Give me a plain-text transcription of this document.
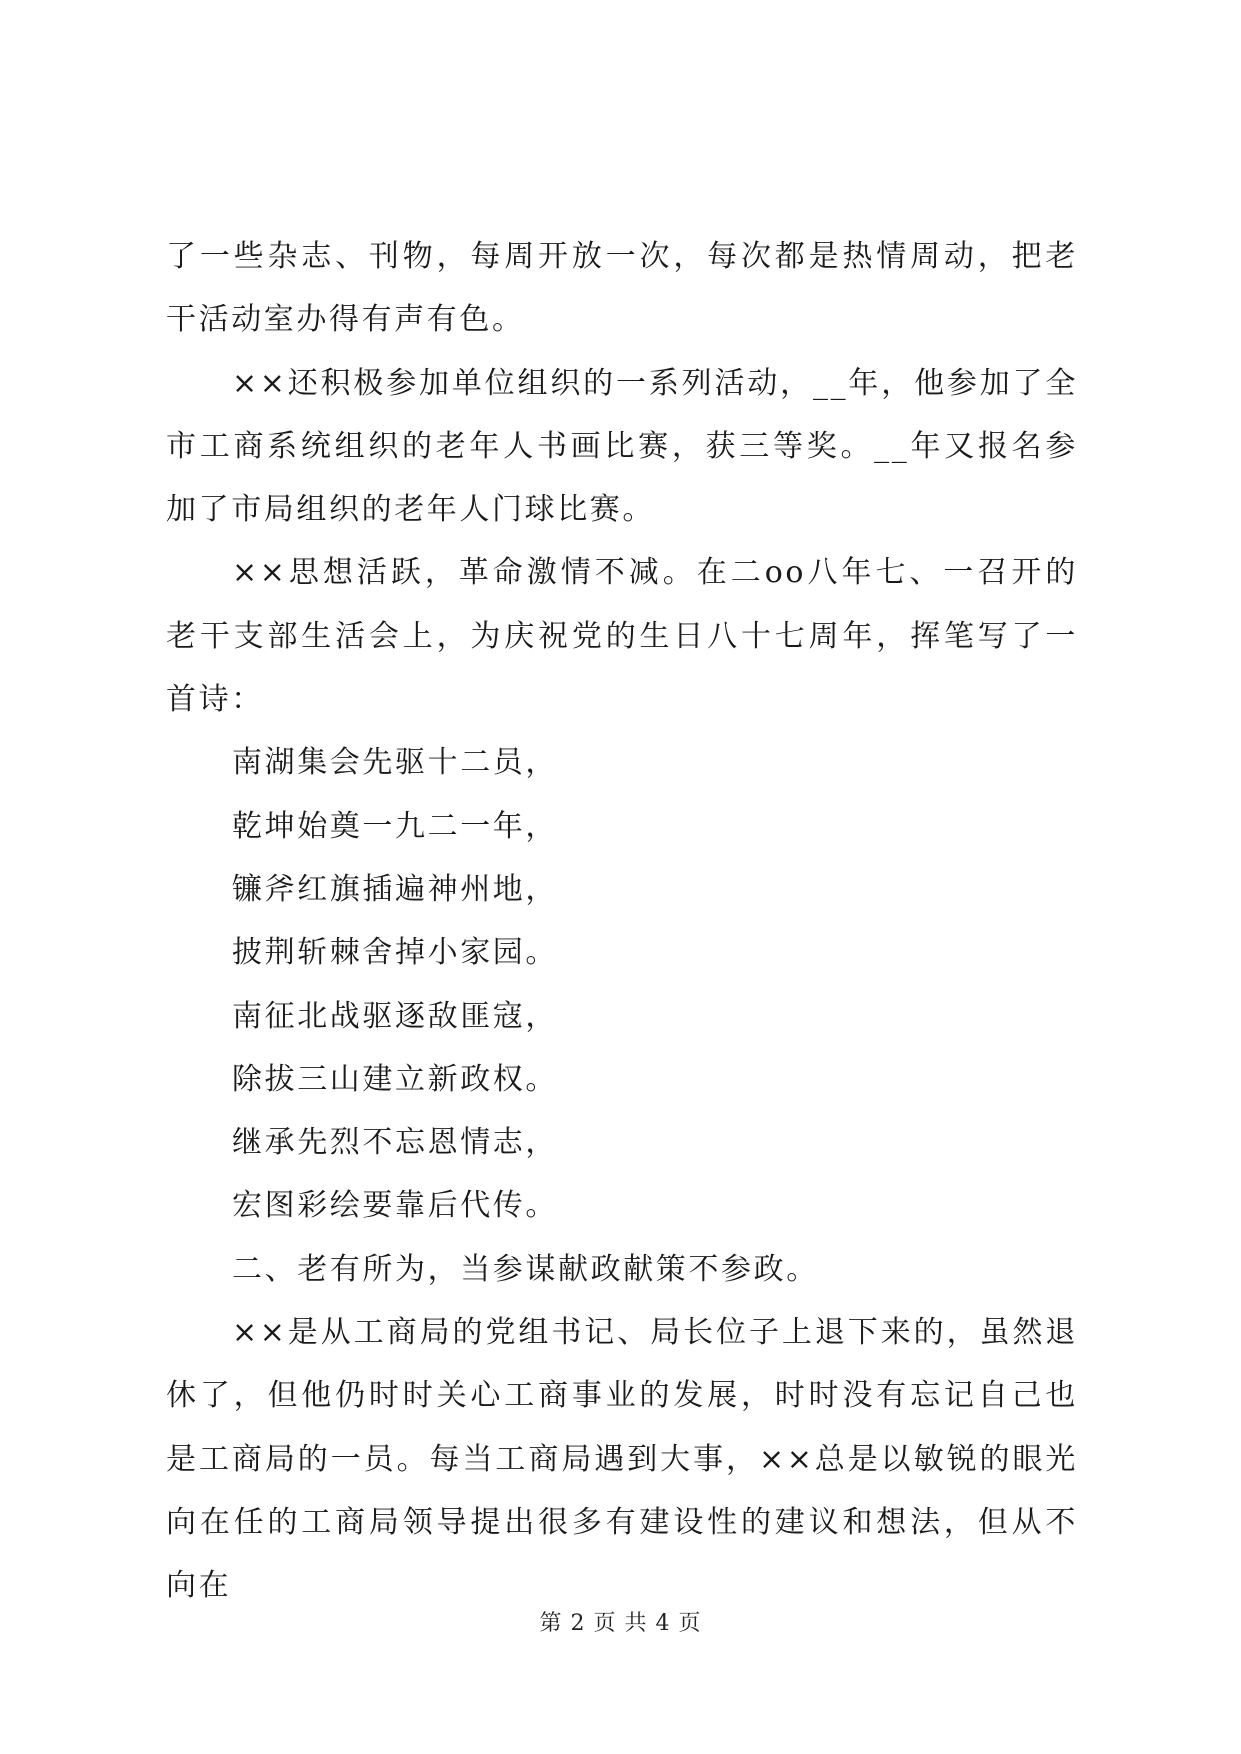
了一些杂志、刊物，每周开放一次，每次都是热情周动，把老干活动室办得有声有色。

××还积极参加单位组织的一系列活动，__年，他参加了全市工商系统组织的老年人书画比赛，获三等奖。__年又报名参加了市局组织的老年人门球比赛。

××思想活跃，革命激情不减。在二oo八年七、一召开的老干支部生活会上，为庆祝党的生日八十七周年，挥笔写了一首诗：

南湖集会先驱十二员，

乾坤始奠一九二一年，

镰斧红旗插遍神州地，

披荆斩棘舍掉小家园。

南征北战驱逐敌匪寇，

除拔三山建立新政权。

继承先烈不忘恩情志，

宏图彩绘要靠后代传。

二、老有所为，当参谋献政献策不参政。

××是从工商局的党组书记、局长位子上退下来的，虽然退休了，但他仍时时关心工商事业的发展，时时没有忘记自己也是工商局的一员。每当工商局遇到大事，××总是以敏锐的眼光向在任的工商局领导提出很多有建设性的建议和想法，但从不向在

第 2 页 共 4 页
